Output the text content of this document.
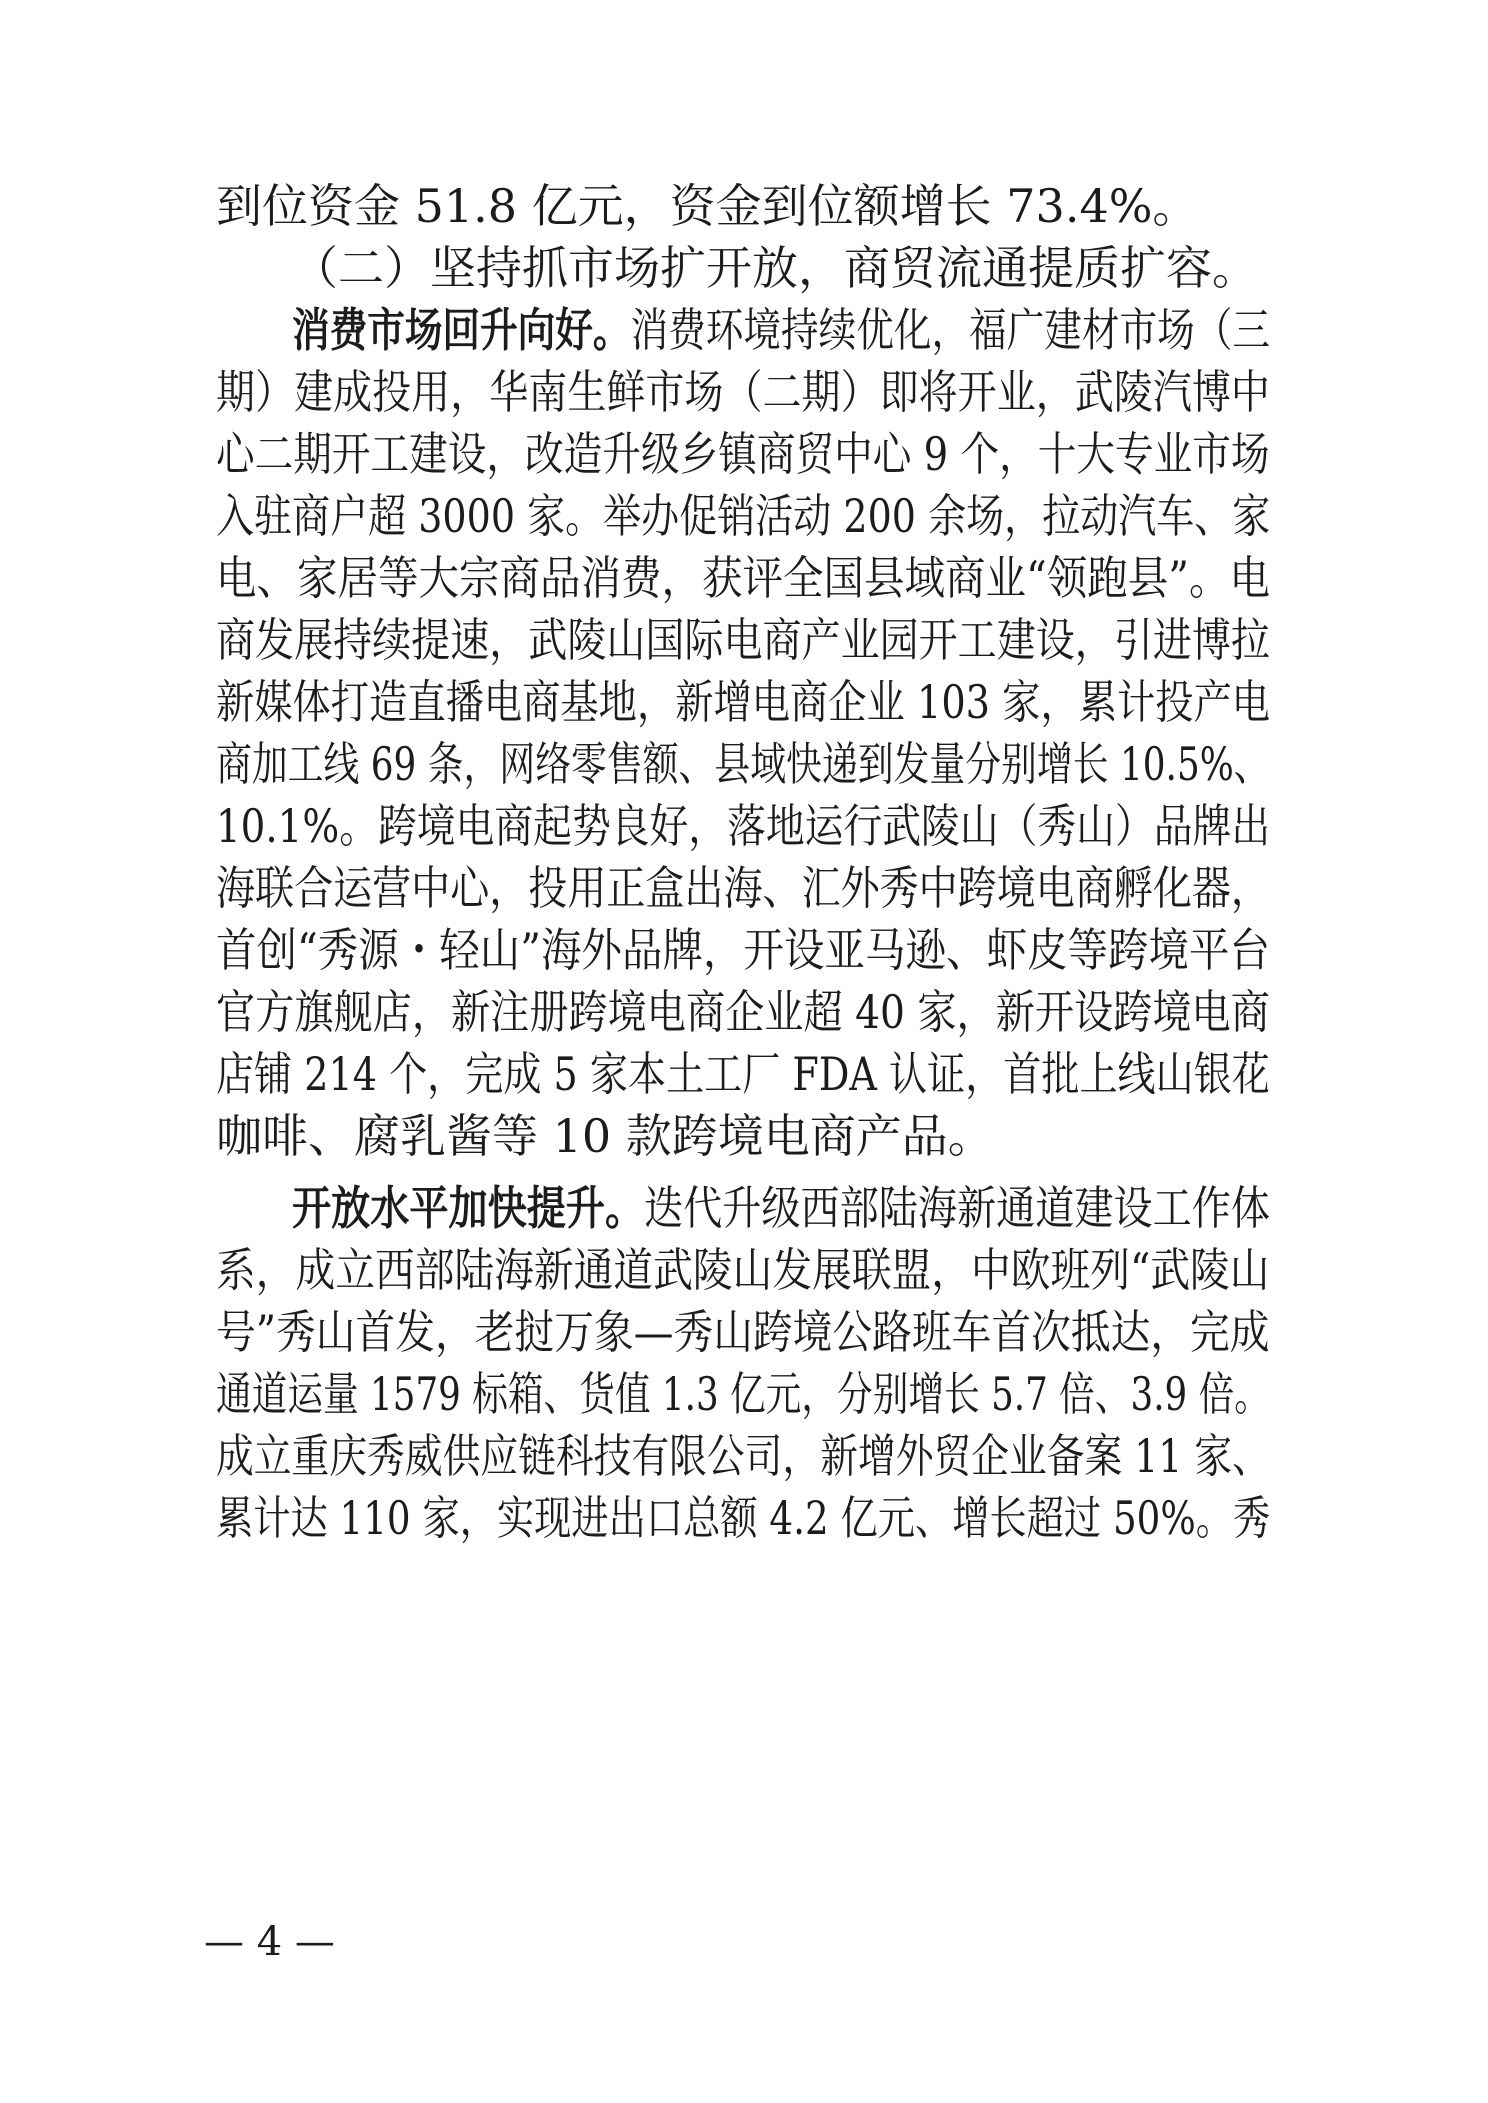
到位资金 51.8 亿元，资金到位额增长 73.4%。
（二）坚持抓市场扩开放，商贸流通提质扩容。
消费市场回升向好。消费环境持续优化，福广建材市场（三
期）建成投用，华南生鲜市场（二期）即将开业，武陵汽博中
心二期开工建设，改造升级乡镇商贸中心 9 个，十大专业市场
入驻商户超 3000 家。举办促销活动 200 余场，拉动汽车、家
电、家居等大宗商品消费，获评全国县域商业“领跑县”。电
商发展持续提速，武陵山国际电商产业园开工建设，引进博拉
新媒体打造直播电商基地，新增电商企业 103 家，累计投产电
商加工线 69 条，网络零售额、县域快递到发量分别增长 10.5%、
10.1%。跨境电商起势良好，落地运行武陵山（秀山）品牌出
海联合运营中心，投用正盒出海、汇外秀中跨境电商孵化器，
首创“秀源・轻山”海外品牌，开设亚马逊、虾皮等跨境平台
官方旗舰店，新注册跨境电商企业超 40 家，新开设跨境电商
店铺 214 个，完成 5 家本土工厂 FDA 认证，首批上线山银花
咖啡、腐乳酱等 10 款跨境电商产品。
开放水平加快提升。迭代升级西部陆海新通道建设工作体
系，成立西部陆海新通道武陵山发展联盟，中欧班列“武陵山
号”秀山首发，老挝万象—秀山跨境公路班车首次抵达，完成
通道运量 1579 标箱、货值 1.3 亿元，分别增长 5.7 倍、3.9 倍。
成立重庆秀威供应链科技有限公司，新增外贸企业备案 11 家、
累计达 110 家，实现进出口总额 4.2 亿元、增长超过 50%。秀
— 4 —
